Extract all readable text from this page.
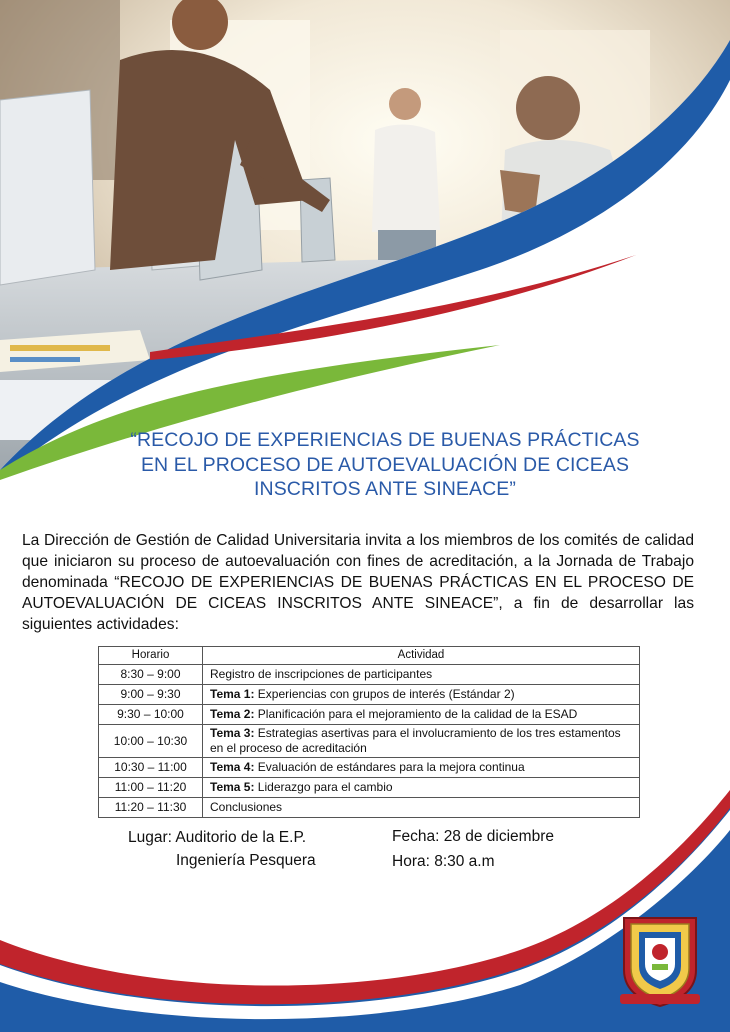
“RECOJO DE EXPERIENCIAS DE BUENAS PRÁCTICAS
EN EL PROCESO DE AUTOEVALUACIÓN DE CICEAS
INSCRITOS ANTE SINEACE”
La Dirección de Gestión de Calidad Universitaria invita a los miembros de los comités de calidad que iniciaron su proceso de autoevaluación con fines de acreditación, a la Jornada de Trabajo denominada “RECOJO DE EXPERIENCIAS DE BUENAS PRÁCTICAS EN EL PROCESO DE AUTOEVALUACIÓN DE CICEAS INSCRITOS ANTE SINEACE”, a fin de desarrollar las siguientes actividades:
Horario	Actividad
8:30 – 9:00	Registro de inscripciones de participantes
9:00 – 9:30	Tema 1: Experiencias con grupos de interés (Estándar 2)
9:30 – 10:00	Tema 2: Planificación para el mejoramiento de la calidad de la ESAD
10:00 – 10:30	Tema 3: Estrategias asertivas para el involucramiento de los tres estamentos en el proceso de acreditación
10:30 – 11:00	Tema 4: Evaluación de estándares para la mejora continua
11:00 – 11:20	Tema 5: Liderazgo para el cambio
11:20 – 11:30	Conclusiones
Lugar: Auditorio de la E.P.
Ingeniería Pesquera
Fecha: 28 de diciembre
Hora: 8:30 a.m
